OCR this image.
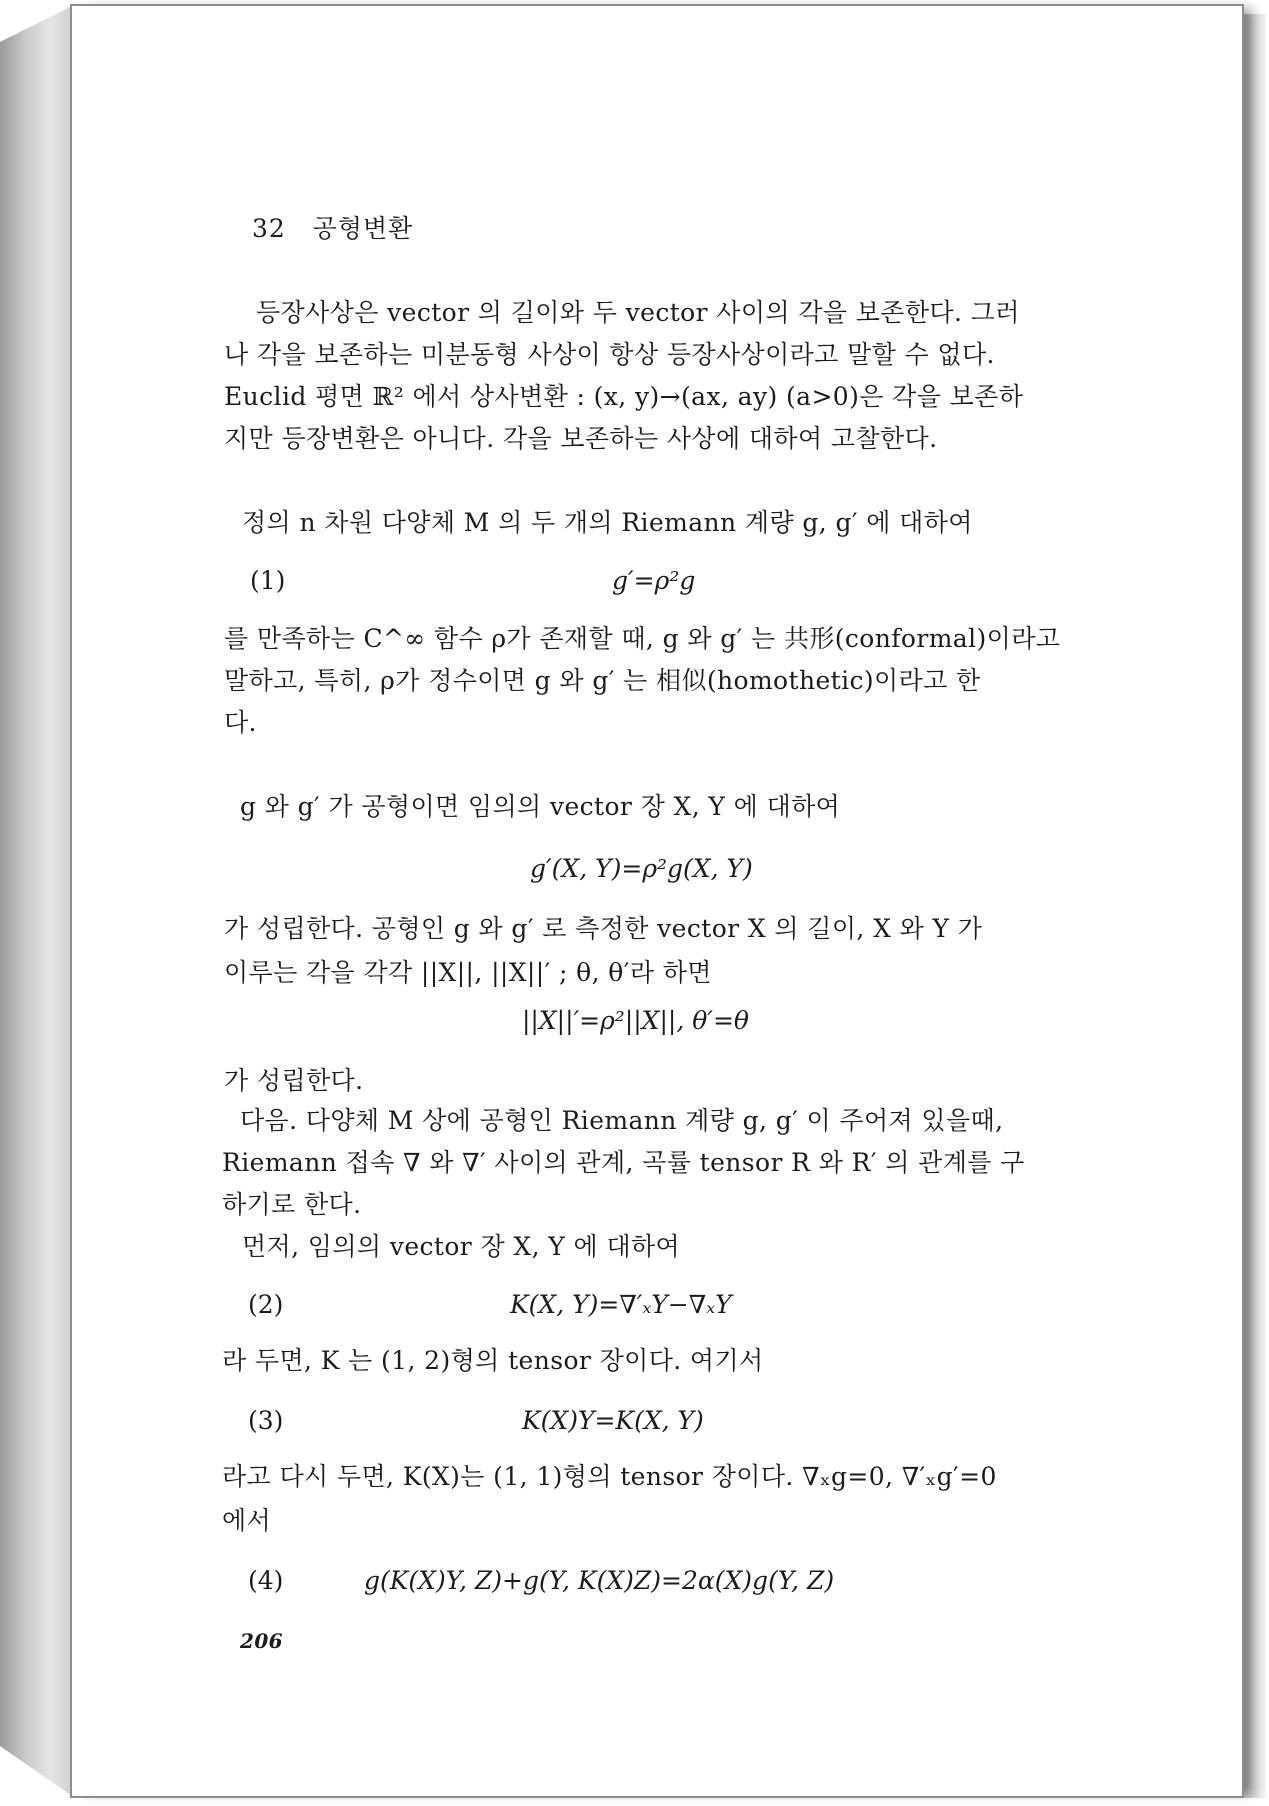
32 공형변환
등장사상은 vector 의 길이와 두 vector 사이의 각을 보존한다. 그러
나 각을 보존하는 미분동형 사상이 항상 등장사상이라고 말할 수 없다.
Euclid 평면 ℝ² 에서 상사변환 : (x, y)→(ax, ay) (a>0)은 각을 보존하
지만 등장변환은 아니다. 각을 보존하는 사상에 대하여 고찰한다.
정의 n 차원 다양체 M 의 두 개의 Riemann 계량 g, g′ 에 대하여
(1)	g′=ρ²g
를 만족하는 C^∞ 함수 ρ가 존재할 때, g 와 g′ 는 共形(conformal)이라고
말하고, 특히, ρ가 정수이면 g 와 g′ 는 相似(homothetic)이라고 한
다.
g 와 g′ 가 공형이면 임의의 vector 장 X, Y 에 대하여
g′(X, Y)=ρ²g(X, Y)
가 성립한다. 공형인 g 와 g′ 로 측정한 vector X 의 길이, X 와 Y 가
이루는 각을 각각 ||X||, ||X||′ ; θ, θ′라 하면
||X||′=ρ²||X||, θ′=θ
가 성립한다.
다음. 다양체 M 상에 공형인 Riemann 계량 g, g′ 이 주어져 있을때,
Riemann 접속 ∇ 와 ∇′ 사이의 관계, 곡률 tensor R 와 R′ 의 관계를 구
하기로 한다.
먼저, 임의의 vector 장 X, Y 에 대하여
(2)	K(X, Y)=∇′ₓY−∇ₓY
라 두면, K 는 (1, 2)형의 tensor 장이다. 여기서
(3)	K(X)Y=K(X, Y)
라고 다시 두면, K(X)는 (1, 1)형의 tensor 장이다. ∇ₓg=0, ∇′ₓg′=0
에서
(4)	g(K(X)Y, Z)+g(Y, K(X)Z)=2α(X)g(Y, Z)
206
